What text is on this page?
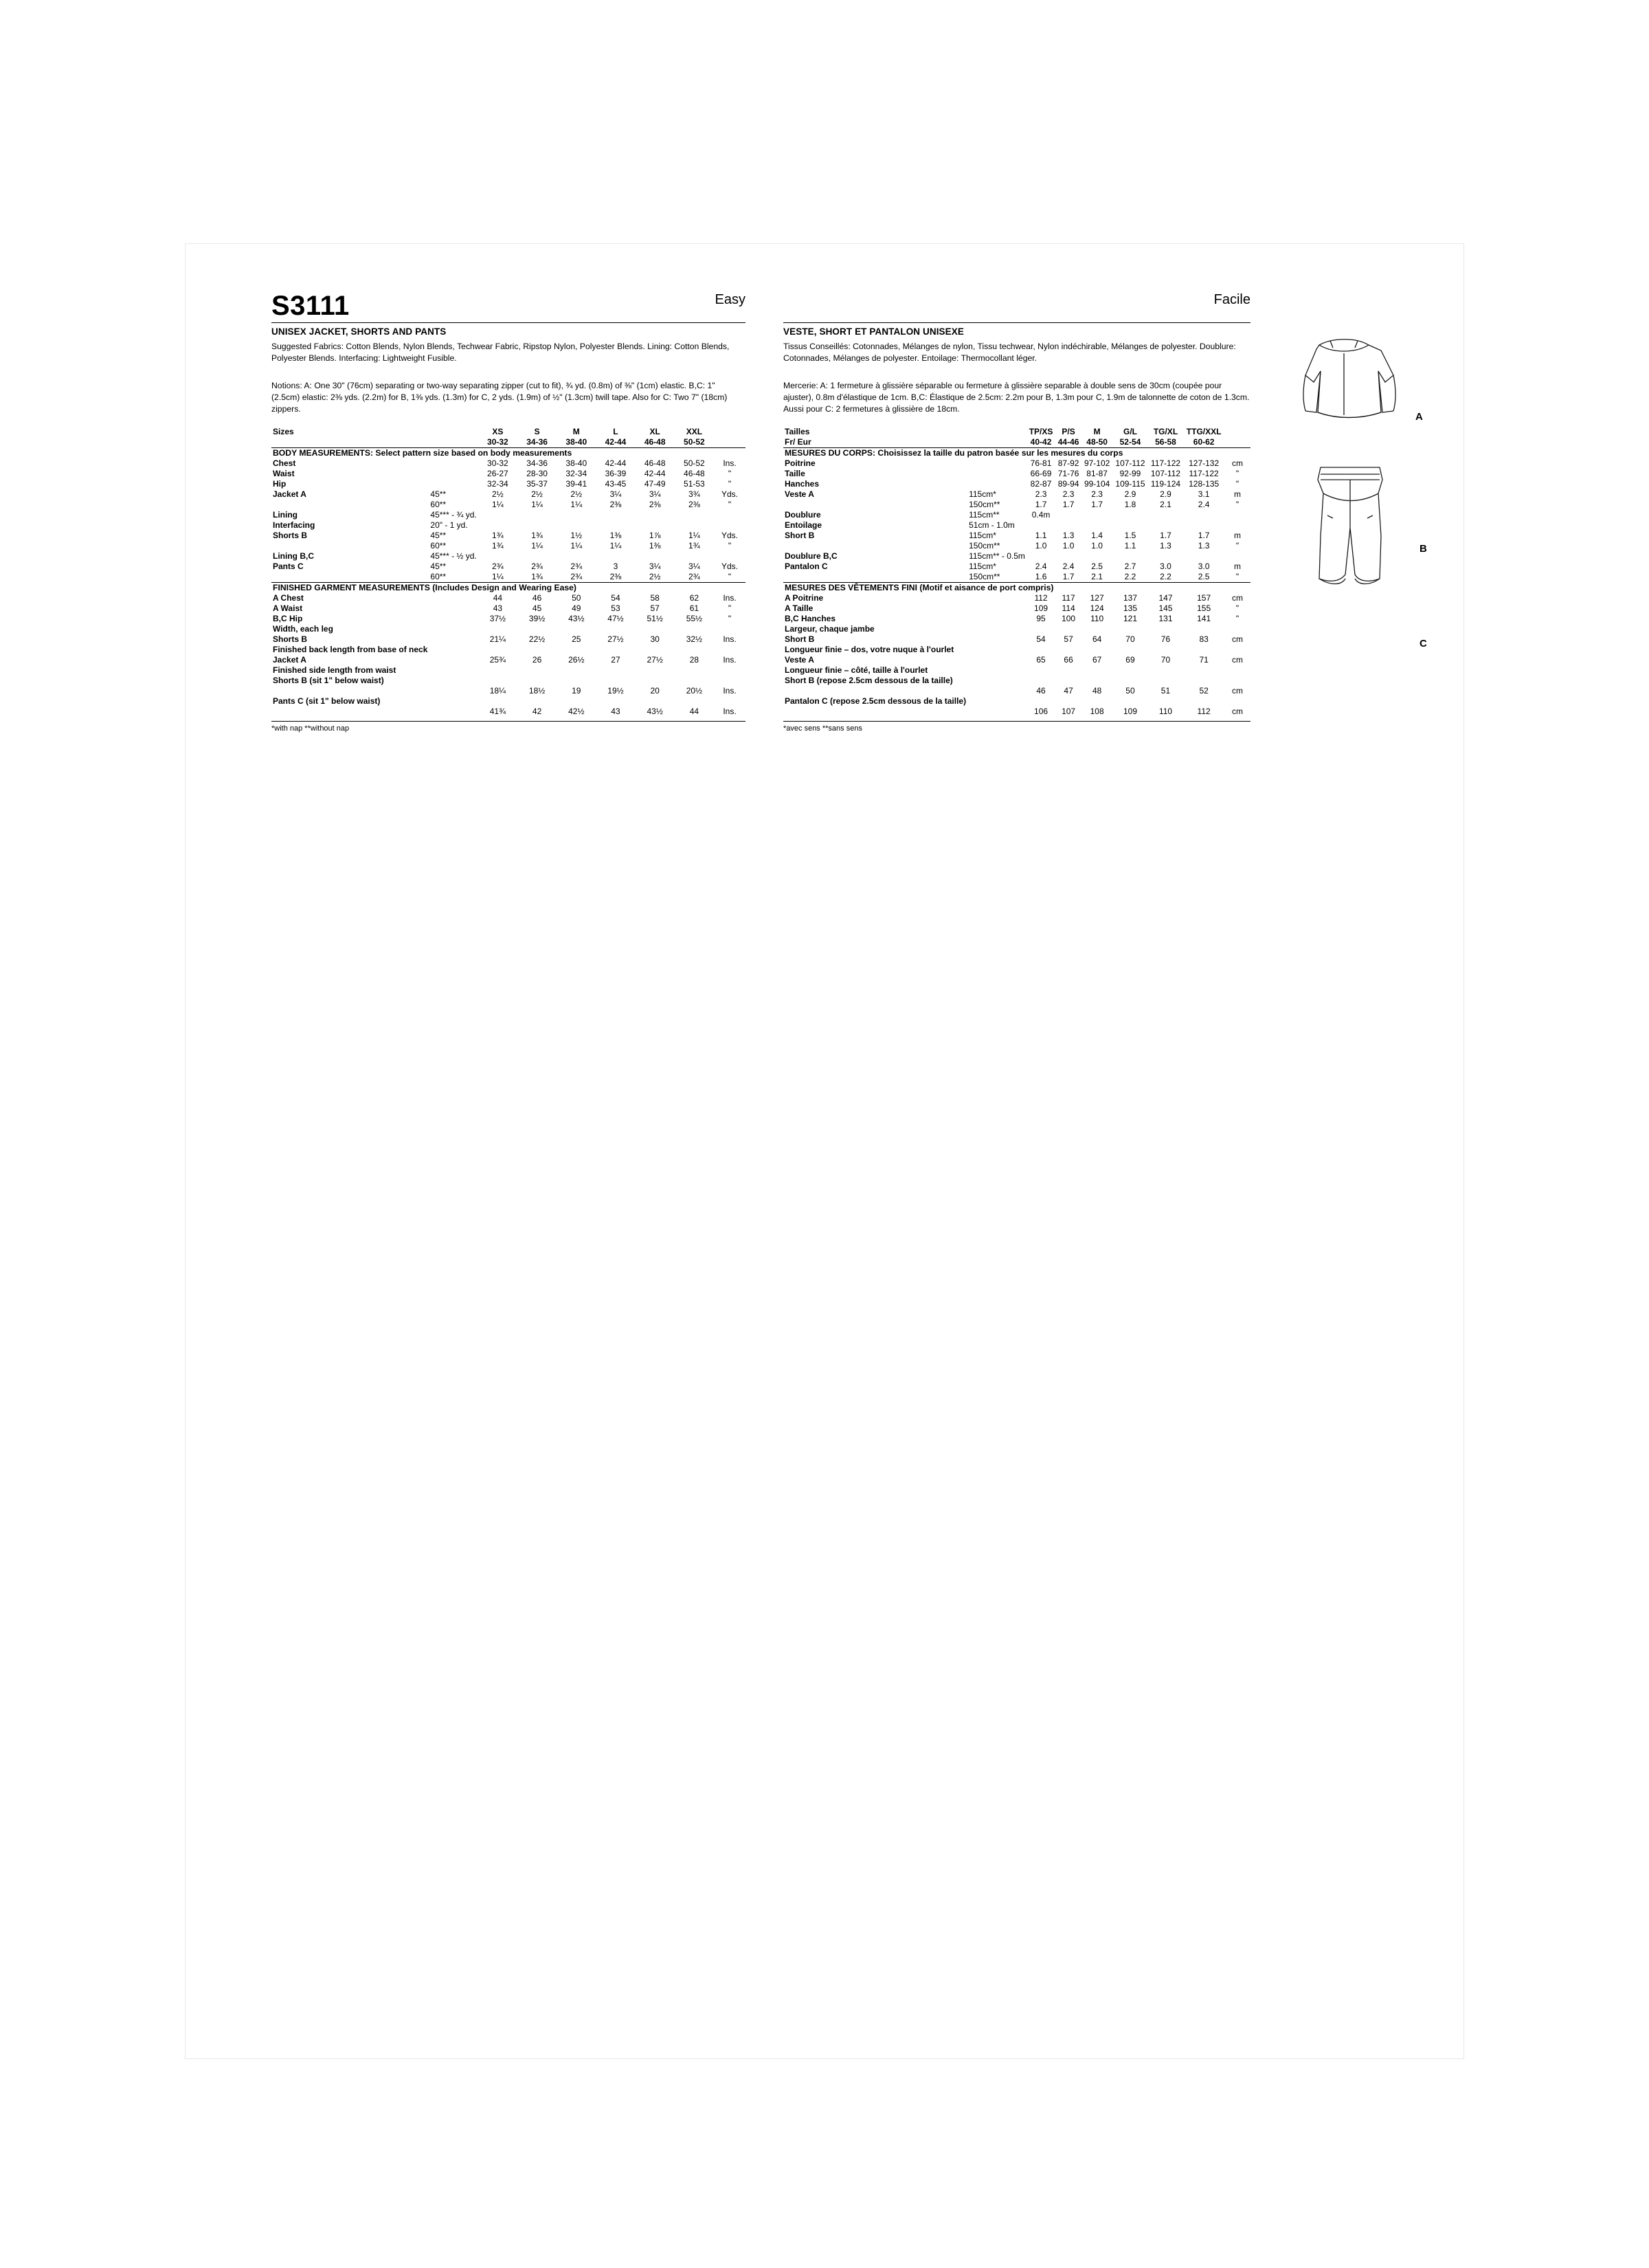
Easy
S3111
UNISEX JACKET, SHORTS AND PANTS
Suggested Fabrics: Cotton Blends, Nylon Blends, Techwear Fabric, Ripstop Nylon, Polyester Blends. Lining: Cotton Blends, Polyester Blends. Interfacing: Lightweight Fusible.
Notions: A: One 30" (76cm) separating or two-way separating zipper (cut to fit), ¾ yd. (0.8m) of ⅜" (1cm) elastic. B,C: 1" (2.5cm) elastic: 2⅜ yds. (2.2m) for B, 1⅜ yds. (1.3m) for C, 2 yds. (1.9m) of ½" (1.3cm) twill tape. Also for C: Two 7" (18cm) zippers.
Sizes		XS	S	M	L	XL	XXL	
		30-32	34-36	38-40	42-44	46-48	50-52	
BODY MEASUREMENTS: Select pattern size based on body measurements								
Chest		30-32	34-36	38-40	42-44	46-48	50-52	Ins.
Waist		26-27	28-30	32-34	36-39	42-44	46-48	"
Hip		32-34	35-37	39-41	43-45	47-49	51-53	"
Jacket A	45**	2½	2½	2½	3¼	3¼	3¾	Yds.
	60**	1¼	1¼	1¼	2⅜	2⅜	2⅜	"
Lining	45*** - ¾ yd.							
Interfacing	20" - 1 yd.							
Shorts B	45**	1¾	1¾	1½	1⅜	1⅞	1¼	Yds.
	60**	1¾	1¼	1¼	1¼	1⅜	1¾	"
Lining B,C	45*** - ½ yd.							
Pants C	45**	2¾	2¾	2¾	3	3¼	3¼	Yds.
	60**	1¼	1¾	2¾	2⅜	2½	2¾	"
FINISHED GARMENT MEASUREMENTS (Includes Design and Wearing Ease)								
A Chest		44	46	50	54	58	62	Ins.
A Waist		43	45	49	53	57	61	"
B,C Hip		37½	39½	43½	47½	51½	55½	"
Width, each leg								
Shorts B		21¼	22½	25	27½	30	32½	Ins.
Finished back length from base of neck								
Jacket A		25¾	26	26½	27	27½	28	Ins.
Finished side length from waist								
Shorts B (sit 1" below waist)								
		18¼	18½	19	19½	20	20½	Ins.
Pants C (sit 1" below waist)								
		41¾	42	42½	43	43½	44	Ins.
*with nap **without nap
Facile
VESTE, SHORT ET PANTALON UNISEXE
Tissus Conseillés: Cotonnades, Mélanges de nylon, Tissu techwear, Nylon indéchirable, Mélanges de polyester. Doublure: Cotonnades, Mélanges de polyester. Entoilage: Thermocollant léger.
Mercerie: A: 1 fermeture à glissière séparable ou fermeture à glissière separable à double sens de 30cm (coupée pour ajuster), 0.8m d'élastique de 1cm. B,C: Élastique de 2.5cm: 2.2m pour B, 1.3m pour C, 1.9m de talonnette de coton de 1.3cm. Aussi pour C: 2 fermetures à glissière de 18cm.
Tailles		TP/XS	P/S	M	G/L	TG/XL	TTG/XXL	
Fr/ Eur		40-42	44-46	48-50	52-54	56-58	60-62	
MESURES DU CORPS: Choisissez la taille du patron basée sur les mesures du corps								
Poitrine		76-81	87-92	97-102	107-112	117-122	127-132	cm
Taille		66-69	71-76	81-87	92-99	107-112	117-122	"
Hanches		82-87	89-94	99-104	109-115	119-124	128-135	"
Veste A	115cm*	2.3	2.3	2.3	2.9	2.9	3.1	m
	150cm**	1.7	1.7	1.7	1.8	2.1	2.4	"
Doublure	115cm**	0.4m						
Entoilage	51cm - 1.0m							
Short B	115cm*	1.1	1.3	1.4	1.5	1.7	1.7	m
	150cm**	1.0	1.0	1.0	1.1	1.3	1.3	"
Doublure B,C	115cm** - 0.5m							
Pantalon C	115cm*	2.4	2.4	2.5	2.7	3.0	3.0	m
	150cm**	1.6	1.7	2.1	2.2	2.2	2.5	"
MESURES DES VÊTEMENTS FINI (Motif et aisance de port compris)								
A Poitrine		112	117	127	137	147	157	cm
A Taille		109	114	124	135	145	155	"
B,C Hanches		95	100	110	121	131	141	"
Largeur, chaque jambe								
Short B		54	57	64	70	76	83	cm
Longueur finie – dos, votre nuque à l'ourlet								
Veste A		65	66	67	69	70	71	cm
Longueur finie – côté, taille à l'ourlet								
Short B (repose 2.5cm dessous de la taille)								
		46	47	48	50	51	52	cm
Pantalon C (repose 2.5cm dessous de la taille)								
		106	107	108	109	110	112	cm
*avec sens **sans sens
A
B
C
